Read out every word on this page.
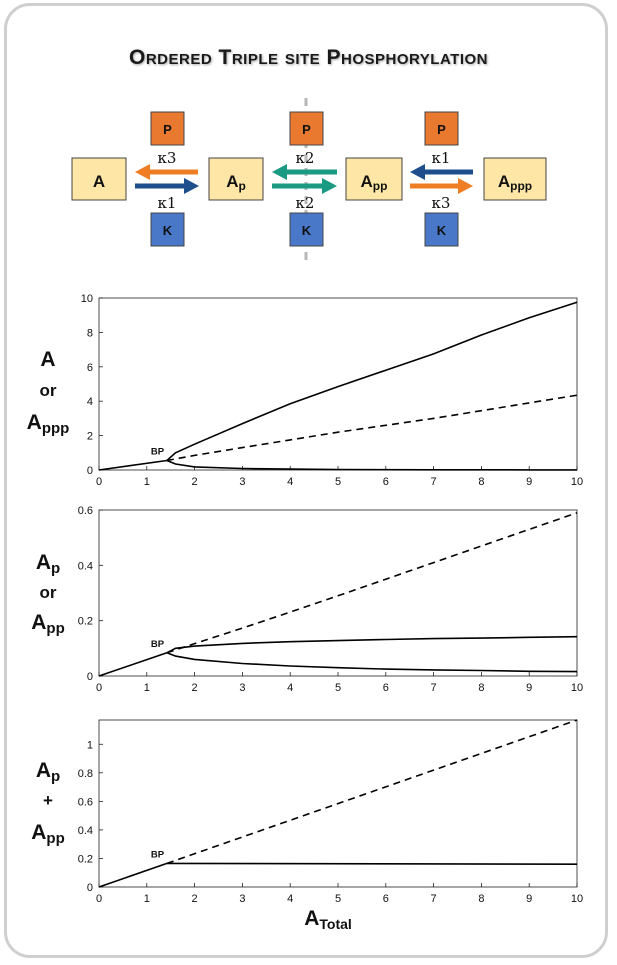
Ordered Triple site Phosphorylation
A	Ap	App	Appp
P	P	P
K	K	K
κ3
κ1
κ2
κ2
κ1
κ3
0	1	2	3	4	5	6	7	8	9	10
0
2
4
6
8
10
BP
A
or
Appp
0	1	2	3	4	5	6	7	8	9	10
0
0.2
0.4
0.6
BP
Ap
or
App
0	1	2	3	4	5	6	7	8	9	10
0
0.2
0.4
0.6
0.8
1
BP
Ap
+
App
ATotal
